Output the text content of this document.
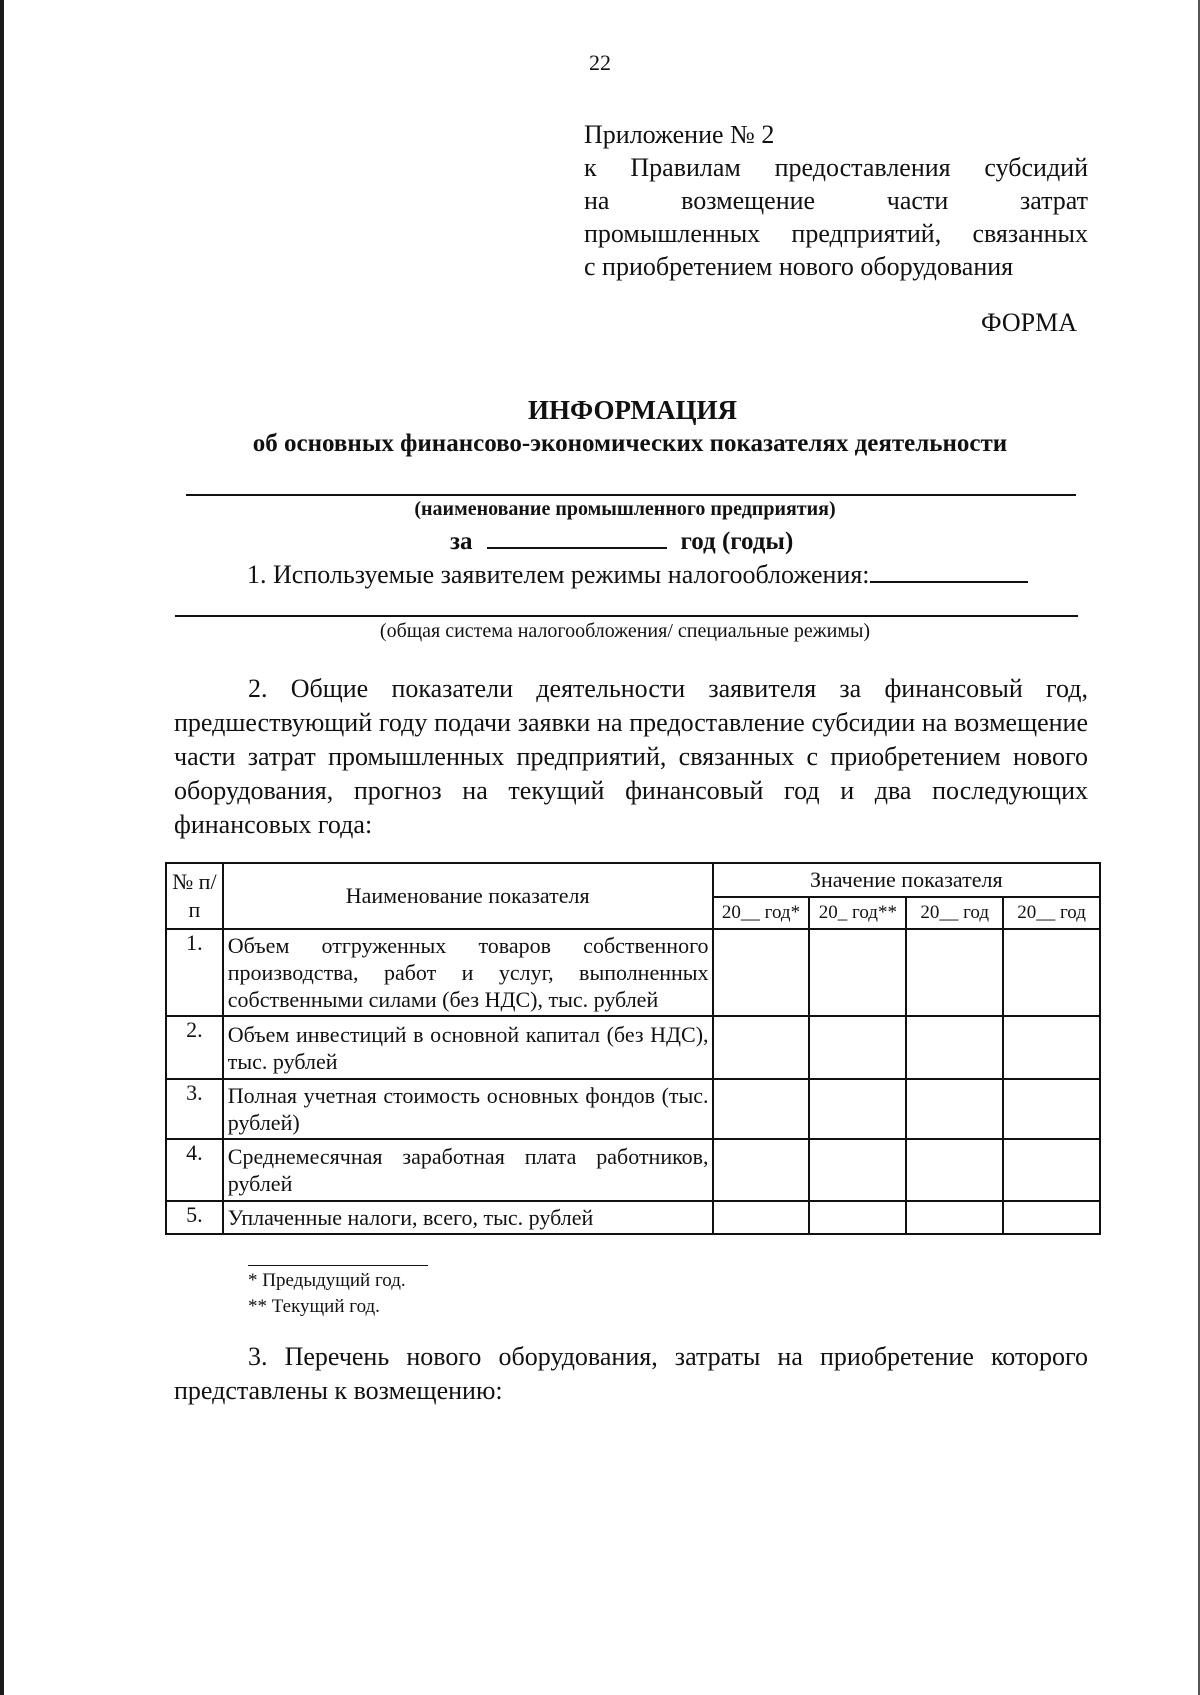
22
Приложение № 2
к Правилам предоставления субсидий
на возмещение части затрат
промышленных предприятий, связанных
с приобретением нового оборудования
ФОРМА
ИНФОРМАЦИЯ
об основных финансово-экономических показателях деятельности
(наименование промышленного предприятия)
за	год (годы)
1. Используемые заявителем режимы налогообложения:
(общая система налогообложения/ специальные режимы)
2. Общие показатели деятельности заявителя за финансовый год, предшествующий году подачи заявки на предоставление субсидии на возмещение части затрат промышленных предприятий, связанных с приобретением нового оборудования, прогноз на текущий финансовый год и два последующих финансовых года:
№ п/п	Наименование показателя	Значение показателя			
		20__ год*	20_ год**	20__ год	20__ год
1.	Объем отгруженных товаров собственного производства, работ и услуг, выполненных собственными силами (без НДС), тыс. рублей				
2.	Объем инвестиций в основной капитал (без НДС), тыс. рублей				
3.	Полная учетная стоимость основных фондов (тыс. рублей)				
4.	Среднемесячная заработная плата работников, рублей				
5.	Уплаченные налоги, всего, тыс. рублей				
* Предыдущий год.
** Текущий год.
3. Перечень нового оборудования, затраты на приобретение которого представлены к возмещению:
